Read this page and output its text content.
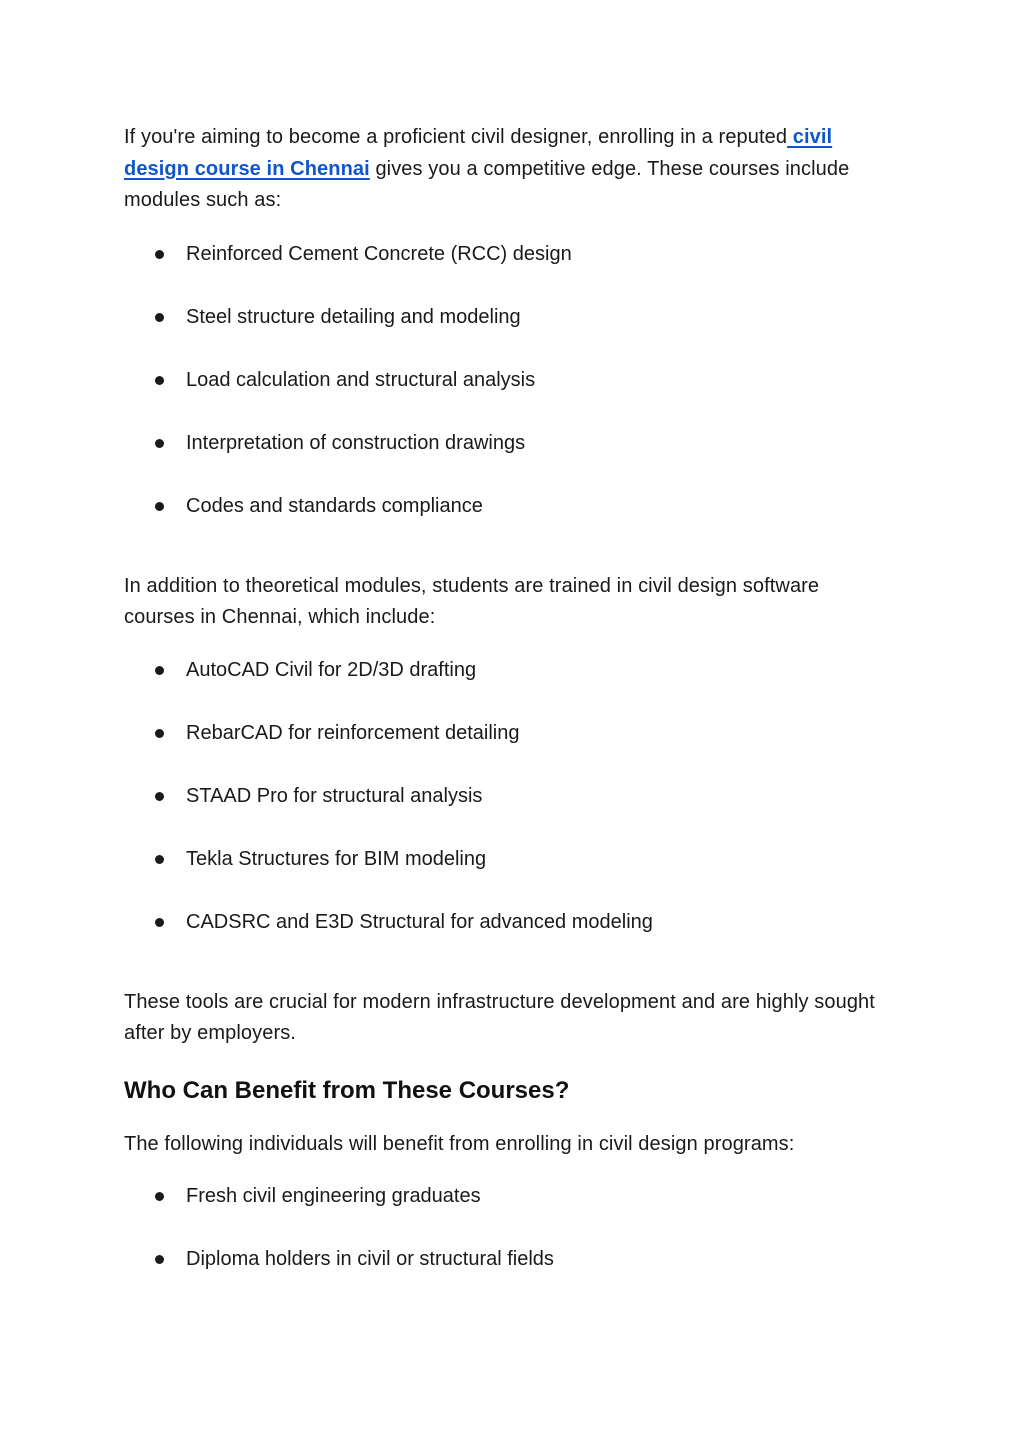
If you're aiming to become a proficient civil designer, enrolling in a reputed civil design course in Chennai gives you a competitive edge. These courses include modules such as:

Reinforced Cement Concrete (RCC) design
Steel structure detailing and modeling
Load calculation and structural analysis
Interpretation of construction drawings
Codes and standards compliance

In addition to theoretical modules, students are trained in civil design software courses in Chennai, which include:

AutoCAD Civil for 2D/3D drafting
RebarCAD for reinforcement detailing
STAAD Pro for structural analysis
Tekla Structures for BIM modeling
CADSRC and E3D Structural for advanced modeling

These tools are crucial for modern infrastructure development and are highly sought after by employers.

Who Can Benefit from These Courses?

The following individuals will benefit from enrolling in civil design programs:

Fresh civil engineering graduates
Diploma holders in civil or structural fields
